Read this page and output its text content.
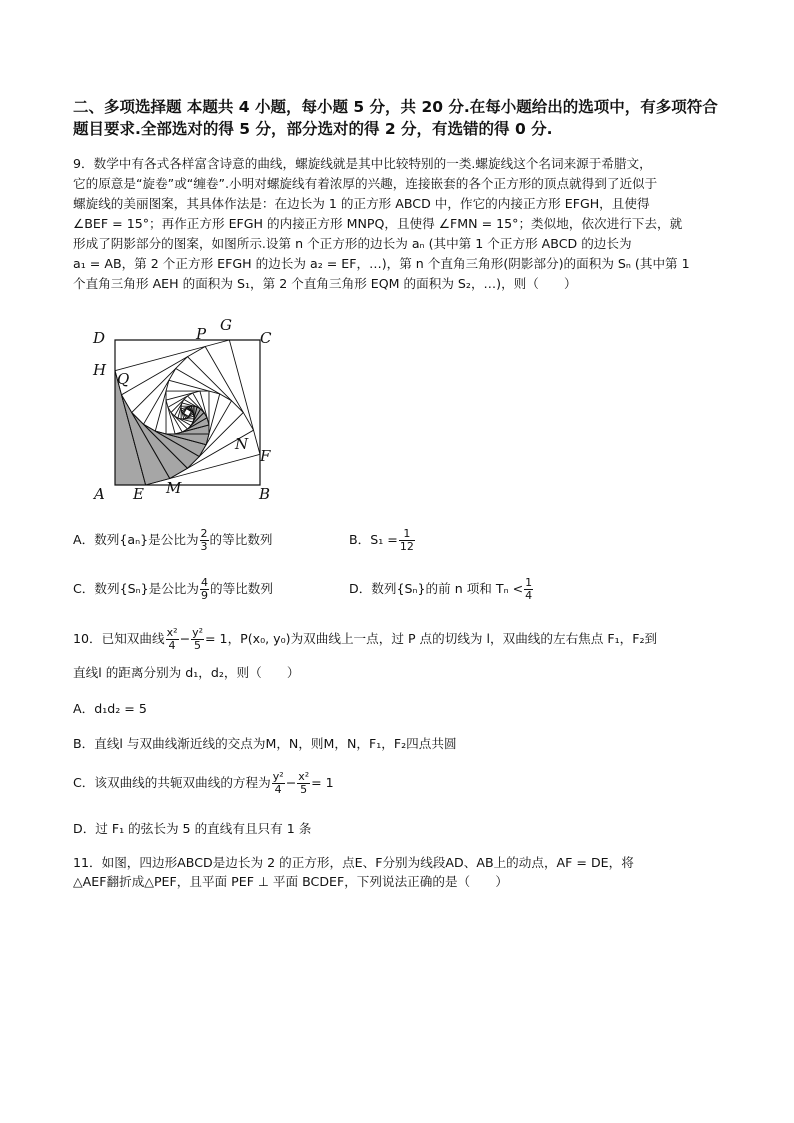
二、多项选择题 本题共 4 小题，每小题 5 分，共 20 分.在每小题给出的选项中，有多项符合
题目要求.全部选对的得 5 分，部分选对的得 2 分，有选错的得 0 分.
9．数学中有各式各样富含诗意的曲线，螺旋线就是其中比较特别的一类.螺旋线这个名词来源于希腊文，
它的原意是“旋卷”或“缠卷”.小明对螺旋线有着浓厚的兴趣，连接嵌套的各个正方形的顶点就得到了近似于
螺旋线的美丽图案，其具体作法是：在边长为 1 的正方形 ABCD 中，作它的内接正方形 EFGH，且使得
∠BEF = 15°；再作正方形 EFGH 的内接正方形 MNPQ，且使得 ∠FMN = 15°；类似地，依次进行下去，就
形成了阴影部分的图案，如图所示.设第 n 个正方形的边长为 aₙ (其中第 1 个正方形 ABCD 的边长为
a₁ = AB，第 2 个正方形 EFGH 的边长为 a₂ = EF，…)，第 n 个直角三角形(阴影部分)的面积为 Sₙ (其中第 1
个直角三角形 AEH 的面积为 S₁，第 2 个直角三角形 EQM 的面积为 S₂，…)，则（　　）
D	P G
C
H Q
N
F
A E M	B
A．数列{aₙ}是公比为 $\frac{2}{3}$ 的等比数列	B．$S_1 = \frac{1}{12}$
C．数列{Sₙ}是公比为 $\frac{4}{9}$ 的等比数列	D．数列{Sₙ}的前 n 项和 $T_n < \frac{1}{4}$
10．已知双曲线 $\frac{\text{x²}}{4} - \frac{\text{y²}}{5} = 1$，P(x₀, y₀)为双曲线上一点，过 P 点的切线为 l，双曲线的左右焦点 F₁，F₂到
直线l 的距离分别为 d₁，d₂，则（　　）
A．d₁d₂ = 5
B．直线l 与双曲线渐近线的交点为M，N，则M，N，F₁，F₂四点共圆
C．该双曲线的共轭双曲线的方程为 $\frac{\text{y²}}{4} - \frac{\text{x²}}{5} = 1$
D．过 F₁ 的弦长为 5 的直线有且只有 1 条
11．如图，四边形ABCD是边长为 2 的正方形，点E、F分别为线段AD、AB上的动点，AF = DE，将
△AEF翻折成△PEF，且平面 PEF ⊥ 平面 BCDEF，下列说法正确的是（　　）
